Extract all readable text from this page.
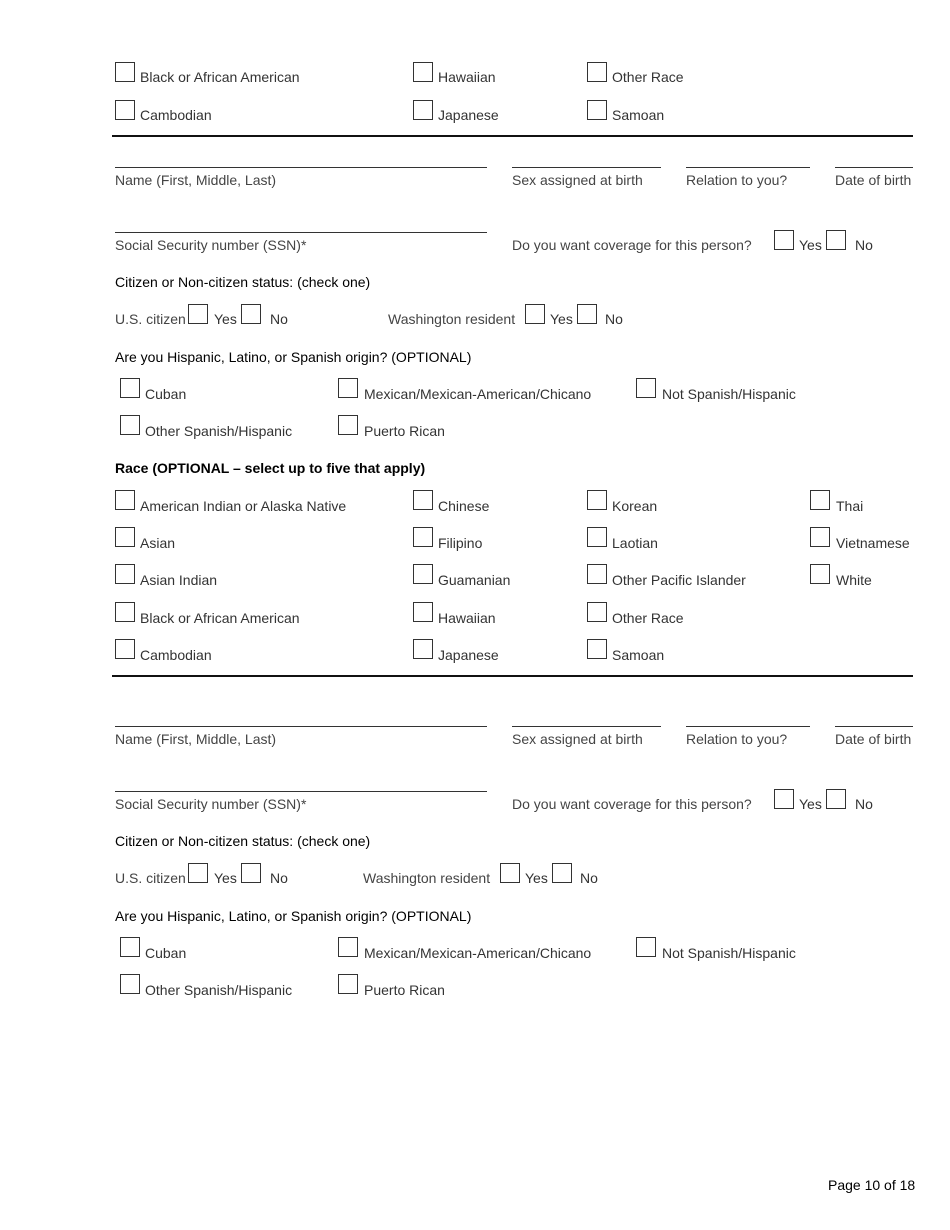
Black or African American	Hawaiian	Other Race
Cambodian	Japanese	Samoan
Name (First, Middle, Last)	Sex assigned at birth	Relation to you?	Date of birth
Social Security number (SSN)*	Do you want coverage for this person?	Yes No
Citizen or Non-citizen status: (check one)
U.S. citizen Yes No	Washington resident Yes No
Are you Hispanic, Latino, or Spanish origin? (OPTIONAL)
Cuban	Mexican/Mexican-American/Chicano	Not Spanish/Hispanic
Other Spanish/Hispanic	Puerto Rican
Race (OPTIONAL – select up to five that apply)
American Indian or Alaska Native	Chinese	Korean	Thai
Asian	Filipino	Laotian	Vietnamese
Asian Indian	Guamanian	Other Pacific Islander	White
Black or African American	Hawaiian	Other Race
Cambodian	Japanese	Samoan
Name (First, Middle, Last)	Sex assigned at birth	Relation to you?	Date of birth
Social Security number (SSN)*	Do you want coverage for this person?	Yes No
Citizen or Non-citizen status: (check one)
U.S. citizen Yes No	Washington resident Yes No
Are you Hispanic, Latino, or Spanish origin? (OPTIONAL)
Cuban	Mexican/Mexican-American/Chicano	Not Spanish/Hispanic
Other Spanish/Hispanic	Puerto Rican
Page 10 of 18
